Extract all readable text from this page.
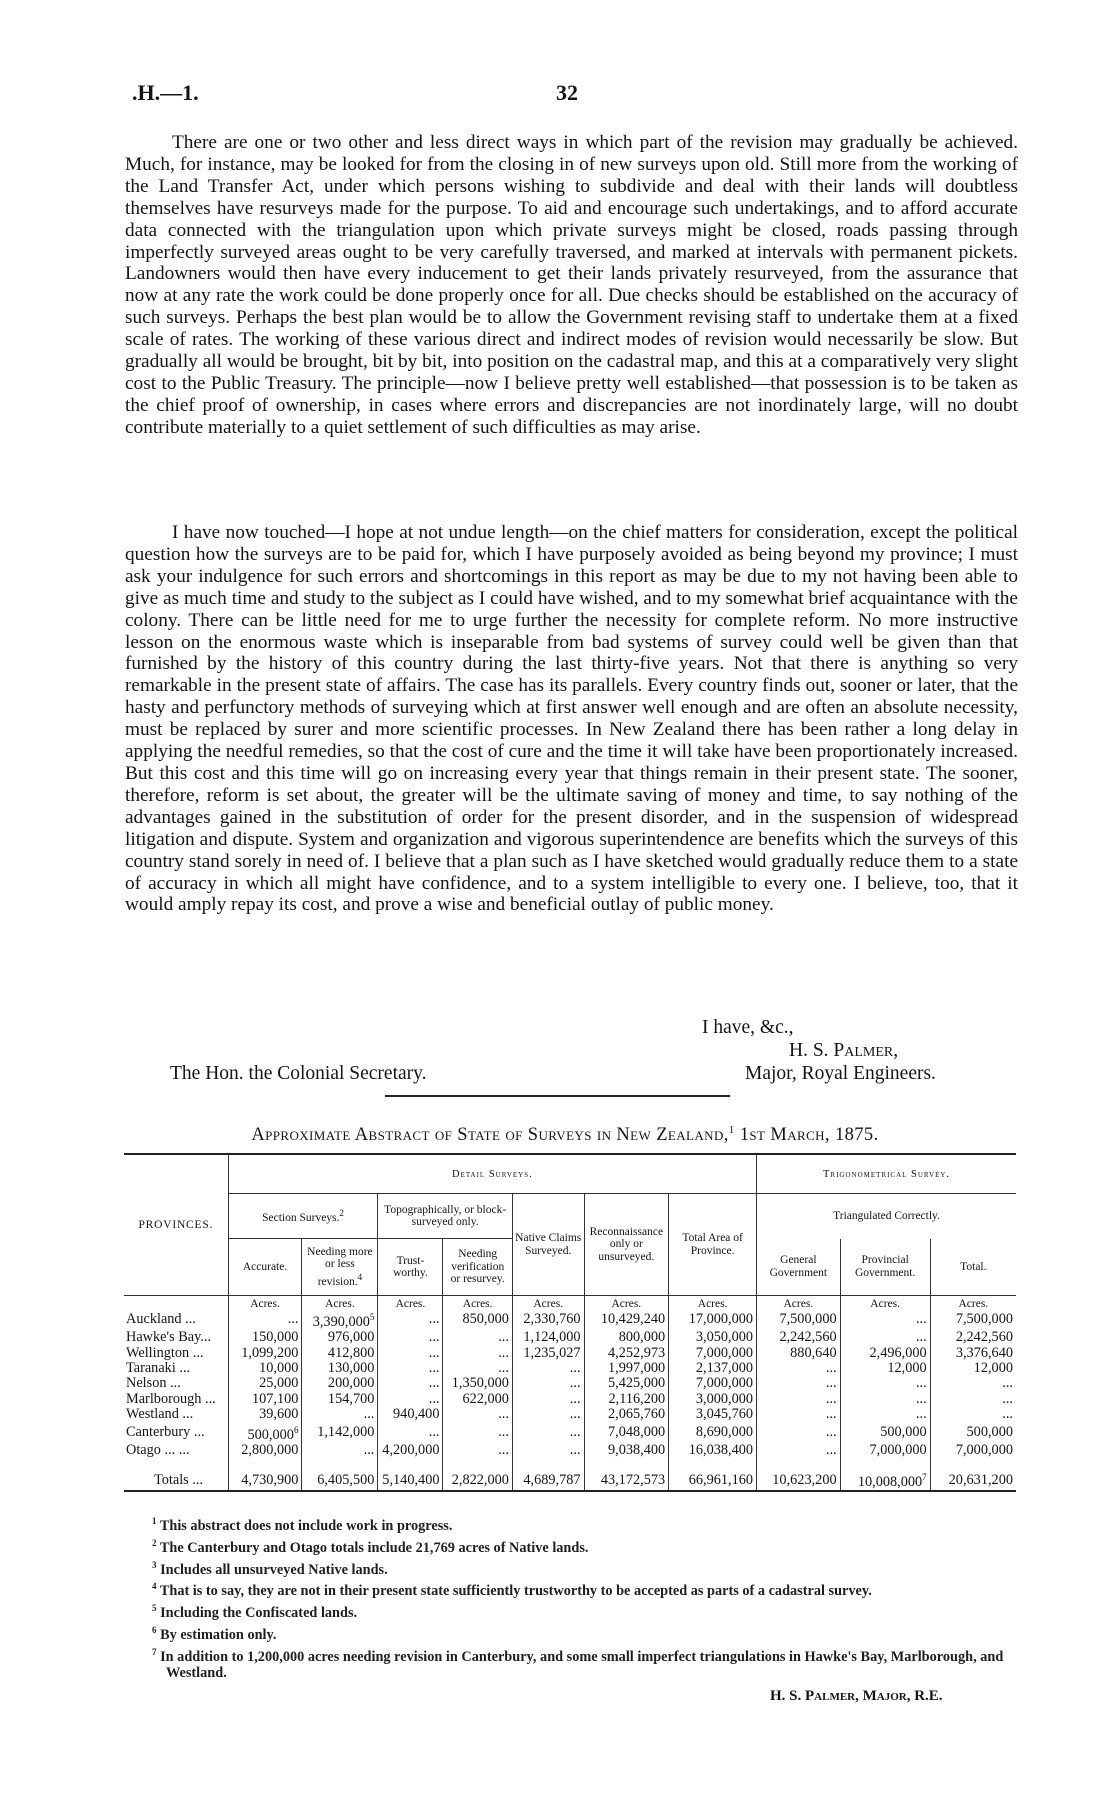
.H.—1.	32

There are one or two other and less direct ways in which part of the revision may gradually be achieved. Much, for instance, may be looked for from the closing in of new surveys upon old. Still more from the working of the Land Transfer Act, under which persons wishing to subdivide and deal with their lands will doubtless themselves have resurveys made for the purpose. To aid and encourage such undertakings, and to afford accurate data connected with the triangulation upon which private surveys might be closed, roads passing through imperfectly surveyed areas ought to be very carefully traversed, and marked at intervals with permanent pickets. Landowners would then have every inducement to get their lands privately resurveyed, from the assurance that now at any rate the work could be done properly once for all. Due checks should be established on the accuracy of such surveys. Perhaps the best plan would be to allow the Government revising staff to undertake them at a fixed scale of rates. The working of these various direct and indirect modes of revision would necessarily be slow. But gradually all would be brought, bit by bit, into position on the cadastral map, and this at a comparatively very slight cost to the Public Treasury. The principle—now I believe pretty well established—that possession is to be taken as the chief proof of ownership, in cases where errors and discrepancies are not inordinately large, will no doubt contribute materially to a quiet settlement of such difficulties as may arise.

I have now touched—I hope at not undue length—on the chief matters for consideration, except the political question how the surveys are to be paid for, which I have purposely avoided as being beyond my province; I must ask your indulgence for such errors and shortcomings in this report as may be due to my not having been able to give as much time and study to the subject as I could have wished, and to my somewhat brief acquaintance with the colony. There can be little need for me to urge further the necessity for complete reform. No more instructive lesson on the enormous waste which is inseparable from bad systems of survey could well be given than that furnished by the history of this country during the last thirty-five years. Not that there is anything so very remarkable in the present state of affairs. The case has its parallels. Every country finds out, sooner or later, that the hasty and perfunctory methods of surveying which at first answer well enough and are often an absolute necessity, must be replaced by surer and more scientific processes. In New Zealand there has been rather a long delay in applying the needful remedies, so that the cost of cure and the time it will take have been proportionately increased. But this cost and this time will go on increasing every year that things remain in their present state. The sooner, therefore, reform is set about, the greater will be the ultimate saving of money and time, to say nothing of the advantages gained in the substitution of order for the present disorder, and in the suspension of widespread litigation and dispute. System and organization and vigorous superintendence are benefits which the surveys of this country stand sorely in need of. I believe that a plan such as I have sketched would gradually reduce them to a state of accuracy in which all might have confidence, and to a system intelligible to every one. I believe, too, that it would amply repay its cost, and prove a wise and beneficial outlay of public money.

I have, &c.,
H. S. Palmer,
Major, Royal Engineers.
The Hon. the Colonial Secretary.
Approximate Abstract of State of Surveys in New Zealand,$^1$ 1st March, 1875.
PROVINCES.	Detail Surveys.							Trigonometrical Survey.		
	Section Surveys.$^2$		Topographically, or block-surveyed only.		Native Claims Surveyed.	Reconnaissance only or unsurveyed.	Total Area of Province.	Triangulated Correctly.		
	Accurate.	Needing more or less revision.$^4$	Trust-worthy.	Needing verification or resurvey.				General Government	Provincial Government.	Total.
	Acres.	Acres.	Acres.	Acres.	Acres.	Acres.	Acres.	Acres.	Acres.	Acres.
Auckland ...	...	3,390,000$^5$	...	850,000	2,330,760	10,429,240	17,000,000	7,500,000	...	7,500,000
Hawke's Bay...	150,000	976,000	...	...	1,124,000	800,000	3,050,000	2,242,560	...	2,242,560
Wellington ...	1,099,200	412,800	...	...	1,235,027	4,252,973	7,000,000	880,640	2,496,000	3,376,640
Taranaki ...	10,000	130,000	...	...	...	1,997,000	2,137,000	...	12,000	12,000
Nelson ...	25,000	200,000	...	1,350,000	...	5,425,000	7,000,000	...	...	...
Marlborough ...	107,100	154,700	...	622,000	...	2,116,200	3,000,000	...	...	...
Westland ...	39,600	...	940,400	...	...	2,065,760	3,045,760	...	...	...
Canterbury ...	500,000$^6$	1,142,000	...	...	...	7,048,000	8,690,000	...	500,000	500,000
Otago ... ...	2,800,000	...	4,200,000	...	...	9,038,400	16,038,400	...	7,000,000	7,000,000
Totals ...	4,730,900	6,405,500	5,140,400	2,822,000	4,689,787	43,172,573	66,961,160	10,623,200	10,008,000$^7$	20,631,200

$^1$ This abstract does not include work in progress.

$^2$ The Canterbury and Otago totals include 21,769 acres of Native lands.

$^3$ Includes all unsurveyed Native lands.

$^4$ That is to say, they are not in their present state sufficiently trustworthy to be accepted as parts of a cadastral survey.

$^5$ Including the Confiscated lands.

$^6$ By estimation only.

$^7$ In addition to 1,200,000 acres needing revision in Canterbury, and some small imperfect triangulations in Hawke's Bay, Marlborough, and Westland.

H. S. Palmer, Major, R.E.
